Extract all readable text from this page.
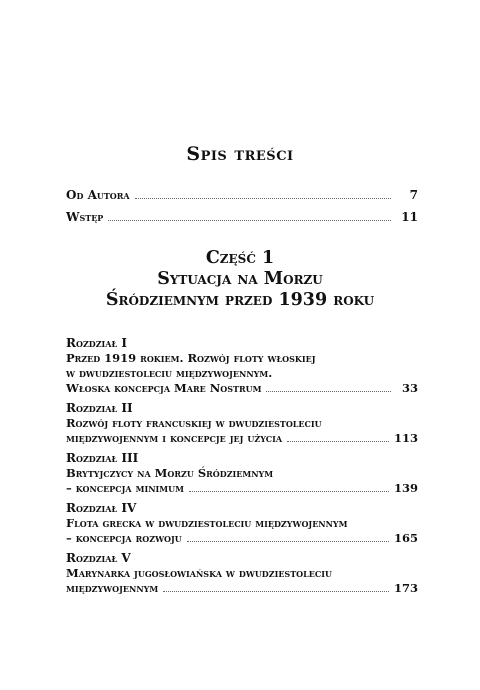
Spis treści
Od Autora	7
Wstęp	11
Część 1
Sytuacja na Morzu
Śródziemnym przed 1939 roku
Rozdział I
Przed 1919 rokiem. Rozwój floty włoskiej
w dwudziestoleciu międzywojennym.
Włoska koncepcja Mare Nostrum	33
Rozdział II
Rozwój floty francuskiej w dwudziestoleciu
międzywojennym i koncepcje jej użycia	113
Rozdział III
Brytyjczycy na Morzu Śródziemnym
– koncepcja minimum	139
Rozdział IV
Flota grecka w dwudziestoleciu międzywojennym
– koncepcja rozwoju	165
Rozdział V
Marynarka jugosłowiańska w dwudziestoleciu
międzywojennym	173
